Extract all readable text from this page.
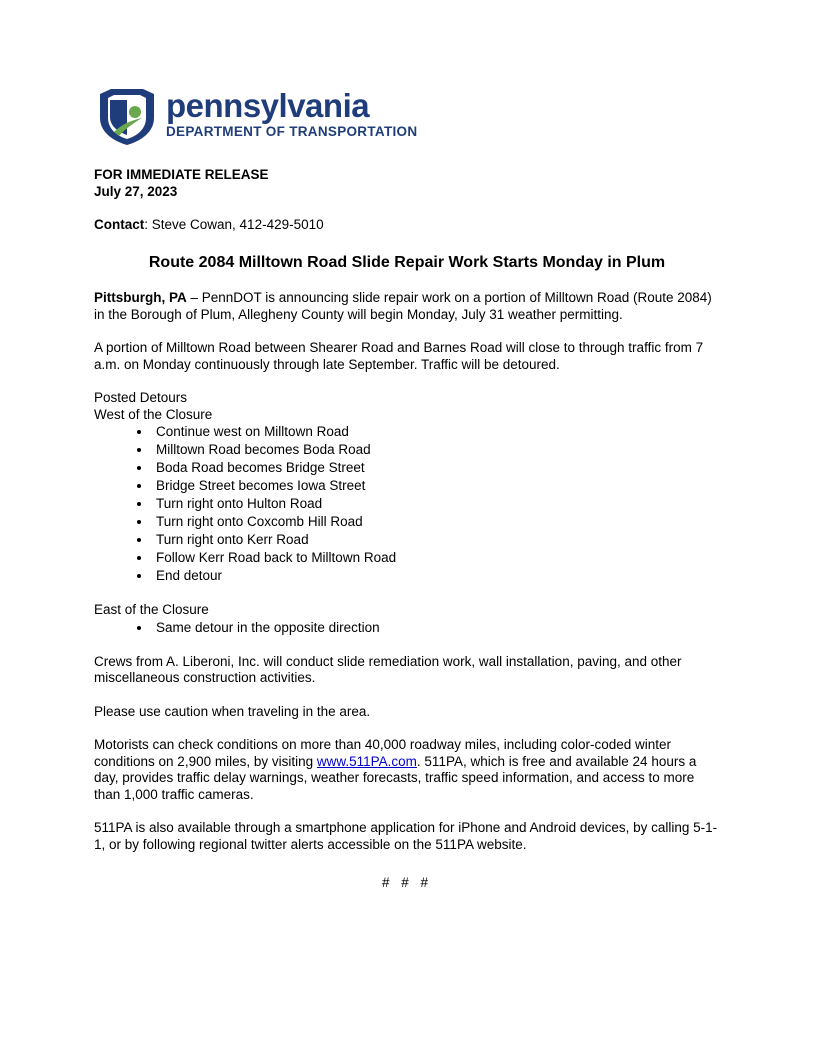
pennsylvania
DEPARTMENT OF TRANSPORTATION
FOR IMMEDIATE RELEASE
July 27, 2023
Contact: Steve Cowan, 412-429-5010
Route 2084 Milltown Road Slide Repair Work Starts Monday in Plum

Pittsburgh, PA – PennDOT is announcing slide repair work on a portion of Milltown Road (Route 2084) in the Borough of Plum, Allegheny County will begin Monday, July 31 weather permitting.

A portion of Milltown Road between Shearer Road and Barnes Road will close to through traffic from 7 a.m. on Monday continuously through late September. Traffic will be detoured.

Posted Detours
West of the Closure
• Continue west on Milltown Road
• Milltown Road becomes Boda Road
• Boda Road becomes Bridge Street
• Bridge Street becomes Iowa Street
• Turn right onto Hulton Road
• Turn right onto Coxcomb Hill Road
• Turn right onto Kerr Road
• Follow Kerr Road back to Milltown Road
• End detour
East of the Closure
• Same detour in the opposite direction

Crews from A. Liberoni, Inc. will conduct slide remediation work, wall installation, paving, and other miscellaneous construction activities.

Please use caution when traveling in the area.

Motorists can check conditions on more than 40,000 roadway miles, including color-coded winter conditions on 2,900 miles, by visiting www.511PA.com. 511PA, which is free and available 24 hours a day, provides traffic delay warnings, weather forecasts, traffic speed information, and access to more than 1,000 traffic cameras.

511PA is also available through a smartphone application for iPhone and Android devices, by calling 5-1-1, or by following regional twitter alerts accessible on the 511PA website.

# # #
